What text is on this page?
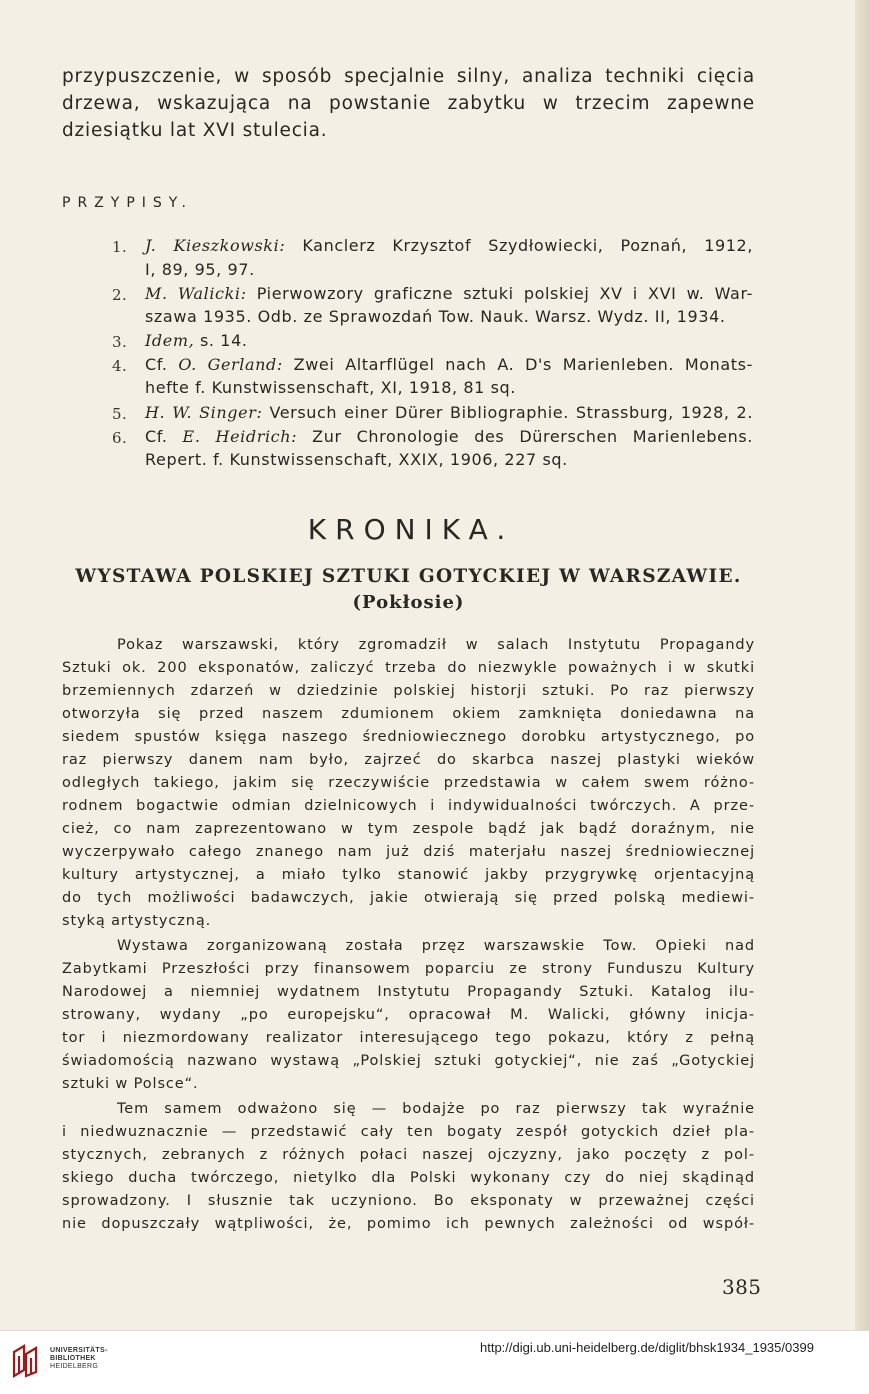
przypuszczenie, w sposób specjalnie silny, analiza techniki cięcia
drzewa, wskazująca na powstanie zabytku w trzecim zapewne
dziesiątku lat XVI stulecia.
PRZYPISY.
1. J. Kieszkowski: Kanclerz Krzysztof Szydłowiecki, Poznań, 1912,
I, 89, 95, 97.
2. M. Walicki: Pierwowzory graficzne sztuki polskiej XV i XVI w. War-
szawa 1935. Odb. ze Sprawozdań Tow. Nauk. Warsz. Wydz. II, 1934.
3. Idem, s. 14.
4. Cf. O. Gerland: Zwei Altarflügel nach A. D's Marienleben. Monats-
hefte f. Kunstwissenschaft, XI, 1918, 81 sq.
5. H. W. Singer: Versuch einer Dürer Bibliographie. Strassburg, 1928, 2.
6. Cf. E. Heidrich: Zur Chronologie des Dürerschen Marienlebens.
Repert. f. Kunstwissenschaft, XXIX, 1906, 227 sq.
KRONIKA.
WYSTAWA POLSKIEJ SZTUKI GOTYCKIEJ W WARSZAWIE.
(Pokłosie)
Pokaz warszawski, który zgromadził w salach Instytutu Propagandy
Sztuki ok. 200 eksponatów, zaliczyć trzeba do niezwykle poważnych i w skutki
brzemiennych zdarzeń w dziedzinie polskiej historji sztuki. Po raz pierwszy
otworzyła się przed naszem zdumionem okiem zamknięta doniedawna na
siedem spustów księga naszego średniowiecznego dorobku artystycznego, po
raz pierwszy danem nam było, zajrzeć do skarbca naszej plastyki wieków
odległych takiego, jakim się rzeczywiście przedstawia w całem swem różno-
rodnem bogactwie odmian dzielnicowych i indywidualności twórczych. A prze-
cież, co nam zaprezentowano w tym zespole bądź jak bądź doraźnym, nie
wyczerpywało całego znanego nam już dziś materjału naszej średniowiecznej
kultury artystycznej, a miało tylko stanowić jakby przygrywkę orjentacyjną
do tych możliwości badawczych, jakie otwierają się przed polską mediewi-
styką artystyczną.
Wystawa zorganizowaną została przęz warszawskie Tow. Opieki nad
Zabytkami Przeszłości przy finansowem poparciu ze strony Funduszu Kultury
Narodowej a niemniej wydatnem Instytutu Propagandy Sztuki. Katalog ilu-
strowany, wydany „po europejsku“, opracował M. Walicki, główny inicja-
tor i niezmordowany realizator interesującego tego pokazu, który z pełną
świadomością nazwano wystawą „Polskiej sztuki gotyckiej“, nie zaś „Gotyckiej
sztuki w Polsce“.
Tem samem odważono się — bodajże po raz pierwszy tak wyraźnie
i niedwuznacznie — przedstawić cały ten bogaty zespół gotyckich dzieł pla-
stycznych, zebranych z różnych połaci naszej ojczyzny, jako poczęty z pol-
skiego ducha twórczego, nietylko dla Polski wykonany czy do niej skądinąd
sprowadzony. I słusznie tak uczyniono. Bo eksponaty w przeważnej części
nie dopuszczały wątpliwości, że, pomimo ich pewnych zależności od współ-
385
UNIVERSITÄTS-
BIBLIOTHEK
HEIDELBERG
http://digi.ub.uni-heidelberg.de/diglit/bhsk1934_1935/0399
